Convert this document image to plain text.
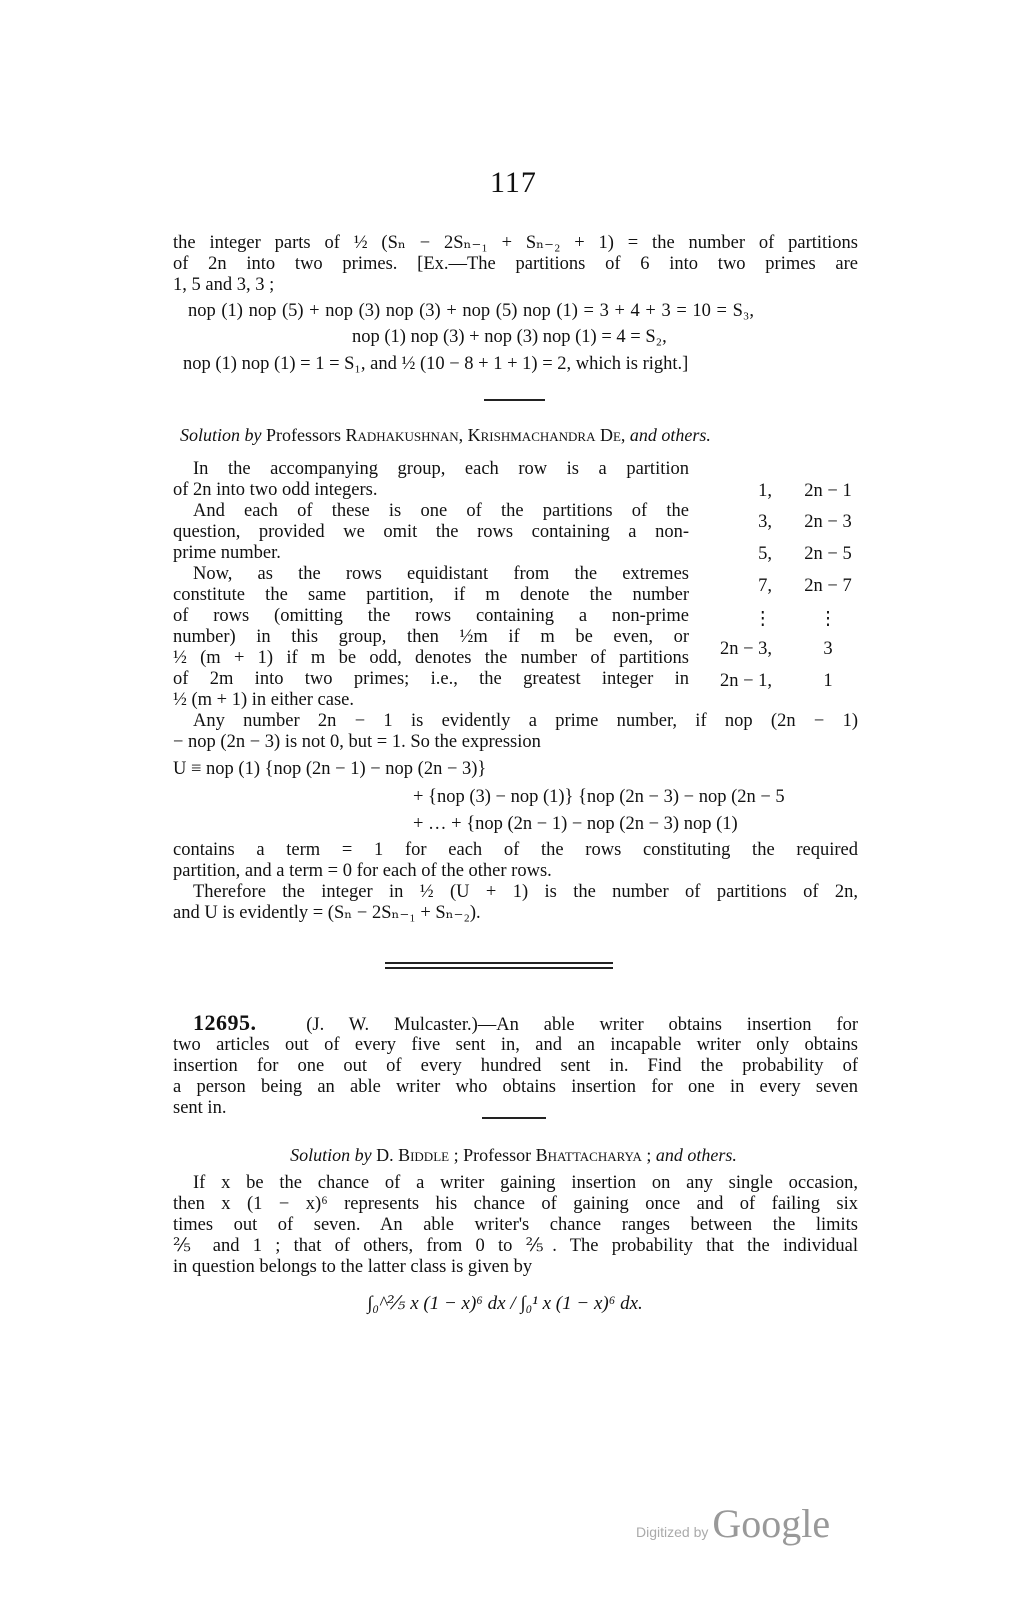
117
the integer parts of ½ (Sₙ − 2Sₙ₋₁ + Sₙ₋₂ + 1) = the number of partitions
of 2n into two primes. [Ex.—The partitions of 6 into two primes are
1, 5 and 3, 3 ;
nop (1) nop (5) + nop (3) nop (3) + nop (5) nop (1) = 3 + 4 + 3 = 10 = S₃,
nop (1) nop (3) + nop (3) nop (1) = 4 = S₂,
nop (1) nop (1) = 1 = S₁, and ½ (10 − 8 + 1 + 1) = 2, which is right.]
Solution by Professors Radhakushnan, Krishmachandra De, and others.
In the accompanying group, each row is a partition
of 2n into two odd integers.
And each of these is one of the partitions of the
question, provided we omit the rows containing a non-
prime number.
Now, as the rows equidistant from the extremes
constitute the same partition, if m denote the number
of rows (omitting the rows containing a non-prime
number) in this group, then ½m if m be even, or
½ (m + 1) if m be odd, denotes the number of partitions
of 2m into two primes; i.e., the greatest integer in
½ (m + 1) in either case.
1, 2n − 1
3, 2n − 3
5, 2n − 5
7, 2n − 7
⋮	⋮
2n − 3,	3
2n − 1,	1
Any number 2n − 1 is evidently a prime number, if nop (2n − 1)
− nop (2n − 3) is not 0, but = 1. So the expression
U ≡ nop (1) {nop (2n − 1) − nop (2n − 3)}
+ {nop (3) − nop (1)} {nop (2n − 3) − nop (2n − 5
+ … + {nop (2n − 1) − nop (2n − 3) nop (1)
contains a term = 1 for each of the rows constituting the required
partition, and a term = 0 for each of the other rows.
Therefore the integer in ½ (U + 1) is the number of partitions of 2n,
and U is evidently = (Sₙ − 2Sₙ₋₁ + Sₙ₋₂).
12695.	(J. W. Mulcaster.)—An able writer obtains insertion for
two articles out of every five sent in, and an incapable writer only obtains
insertion for one out of every hundred sent in. Find the probability of
a person being an able writer who obtains insertion for one in every seven
sent in.
Solution by D. Biddle ; Professor Bhattacharya ; and others.
If x be the chance of a writer gaining insertion on any single occasion,
then x (1 − x)⁶ represents his chance of gaining once and of failing six
times out of seven. An able writer's chance ranges between the limits
⅖ and 1 ; that of others, from 0 to ⅖. The probability that the individual
in question belongs to the latter class is given by
∫₀^⅖ x (1 − x)⁶ dx / ∫₀¹ x (1 − x)⁶ dx.
Digitized by Google
